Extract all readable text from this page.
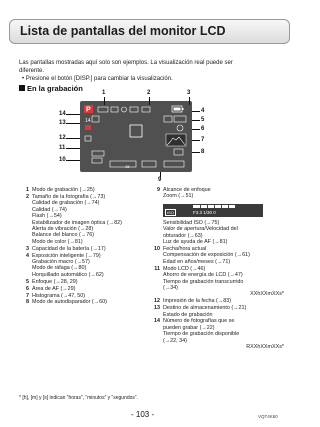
Lista de pantallas del monitor LCD
Las pantallas mostradas aquí solo son ejemplos. La visualización real puede ser
diferente.
• Presione el botón [DISP.] para cambiar la visualización.
En la grabación
P
14
15
1	2	3
4
5
6
7
8
9
10
11
12
13
14
1 Modo de grabación (→25)
2 Tamaño de la fotografía (→73)
Calidad de grabación (→74)
Calidad (→74)
Flash (→54)
Estabilizador de imagen óptica (→82)
Alerta de vibración (→28)
Balance del blanco (→76)
Modo de color (→81)
3 Capacidad de la batería (→17)
4 Exposición inteligente (→79)
Grabación macro (→57)
Modo de ráfaga (→80)
Horquillado automático (→62)
5 Enfoque (→28, 29)
6 Área de AF (→29)
7 Histograma (→47, 50)
8 Modo de autodisparador (→60)
9 Alcance de enfoque
Zoom (→51)
ISO	F3.3 1/30 0
Sensibilidad ISO (→75)
Valor de apertura/Velocidad del
obturador (→63)
Luz de ayuda de AF (→81)
10 Fecha/hora actual
Compensación de exposición (→61)
Edad en años/meses (→71)
11 Modo LCD (→46)
Ahorro de energía de LCD (→47)
Tiempo de grabación transcurrido
(→34)
XXhXXmXXs*
12 Impresión de la fecha (→83)
13 Destino de almacenamiento (→21)
Estado de grabación
14 Número de fotografías que se
pueden grabar (→22)
Tiempo de grabación disponible
(→22, 34)
RXXhXXmXXs*
* [h], [m] y [s] indican “horas”, “minutos” y “segundos”.
- 103 -	VQT4K60
